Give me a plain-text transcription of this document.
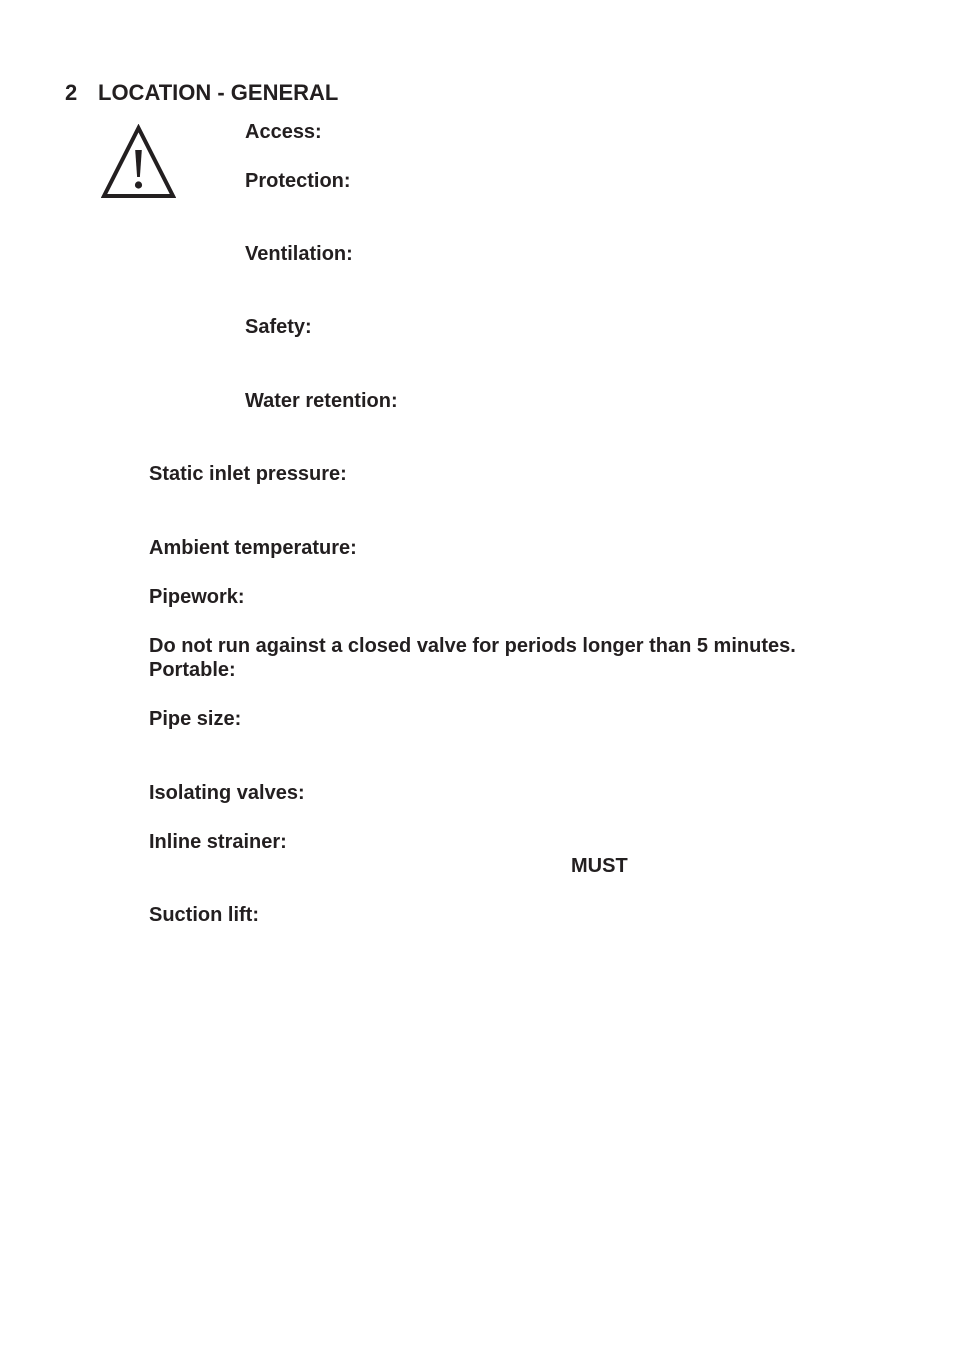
2 LOCATION - GENERAL

Access:

Protection:

Ventilation:

Safety:

Water retention:

Static inlet pressure:

Ambient temperature:

Pipework:

Do not run against a closed valve for periods longer than 5 minutes.

Portable:

Pipe size:

Isolating valves:

Inline strainer:

MUST

Suction lift:
